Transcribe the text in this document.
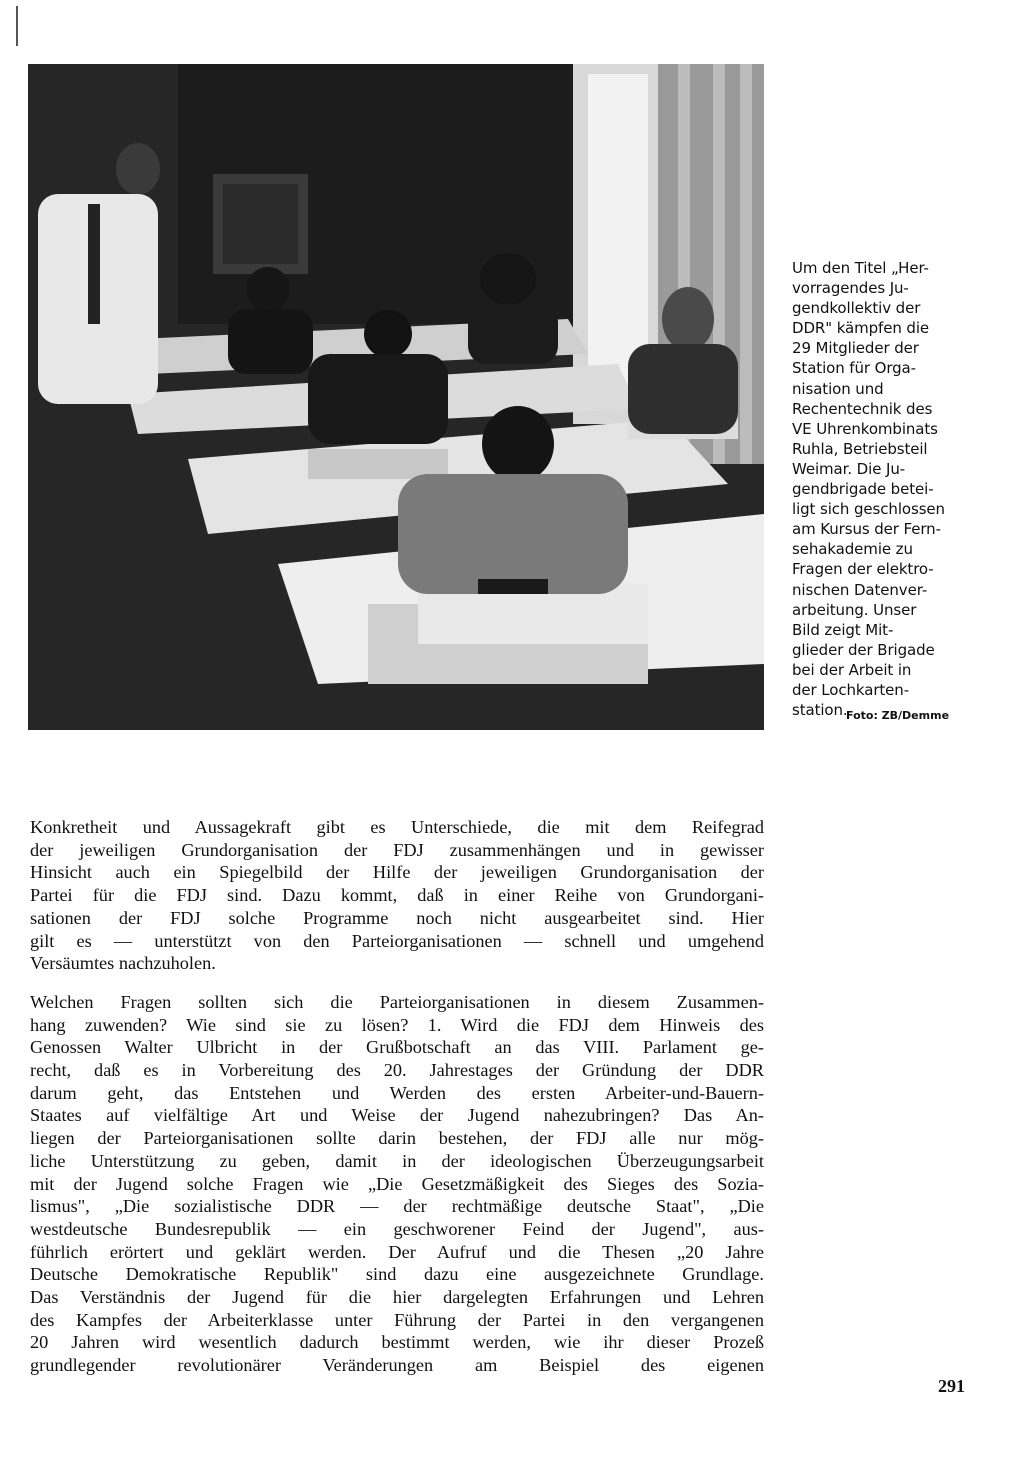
Um den Titel „Her-
vorragendes Ju-
gendkollektiv der
DDR" kämpfen die
29 Mitglieder der
Station für Orga-
nisation und
Rechentechnik des
VE Uhrenkombinats
Ruhla, Betriebsteil
Weimar. Die Ju-
gendbrigade betei-
ligt sich geschlossen
am Kursus der Fern-
sehakademie zu
Fragen der elektro-
nischen Datenver-
arbeitung. Unser
Bild zeigt Mit-
glieder der Brigade
bei der Arbeit in
der Lochkarten-
station.
Foto: ZB/Demme
Konkretheit und Aussagekraft gibt es Unterschiede, die mit dem Reifegrad
der jeweiligen Grundorganisation der FDJ zusammenhängen und in gewisser
Hinsicht auch ein Spiegelbild der Hilfe der jeweiligen Grundorganisation der
Partei für die FDJ sind. Dazu kommt, daß in einer Reihe von Grundorgani-
sationen der FDJ solche Programme noch nicht ausgearbeitet sind. Hier
gilt es — unterstützt von den Parteiorganisationen — schnell und umgehend
Versäumtes nachzuholen.
Welchen Fragen sollten sich die Parteiorganisationen in diesem Zusammen-
hang zuwenden? Wie sind sie zu lösen? 1. Wird die FDJ dem Hinweis des
Genossen Walter Ulbricht in der Grußbotschaft an das VIII. Parlament ge-
recht, daß es in Vorbereitung des 20. Jahrestages der Gründung der DDR
darum geht, das Entstehen und Werden des ersten Arbeiter-und-Bauern-
Staates auf vielfältige Art und Weise der Jugend nahezubringen? Das An-
liegen der Parteiorganisationen sollte darin bestehen, der FDJ alle nur mög-
liche Unterstützung zu geben, damit in der ideologischen Überzeugungsarbeit
mit der Jugend solche Fragen wie „Die Gesetzmäßigkeit des Sieges des Sozia-
lismus", „Die sozialistische DDR — der rechtmäßige deutsche Staat", „Die
westdeutsche Bundesrepublik — ein geschworener Feind der Jugend", aus-
führlich erörtert und geklärt werden. Der Aufruf und die Thesen „20 Jahre
Deutsche Demokratische Republik" sind dazu eine ausgezeichnete Grundlage.
Das Verständnis der Jugend für die hier dargelegten Erfahrungen und Lehren
des Kampfes der Arbeiterklasse unter Führung der Partei in den vergangenen
20 Jahren wird wesentlich dadurch bestimmt werden, wie ihr dieser Prozeß
grundlegender revolutionärer Veränderungen am Beispiel des eigenen
291
